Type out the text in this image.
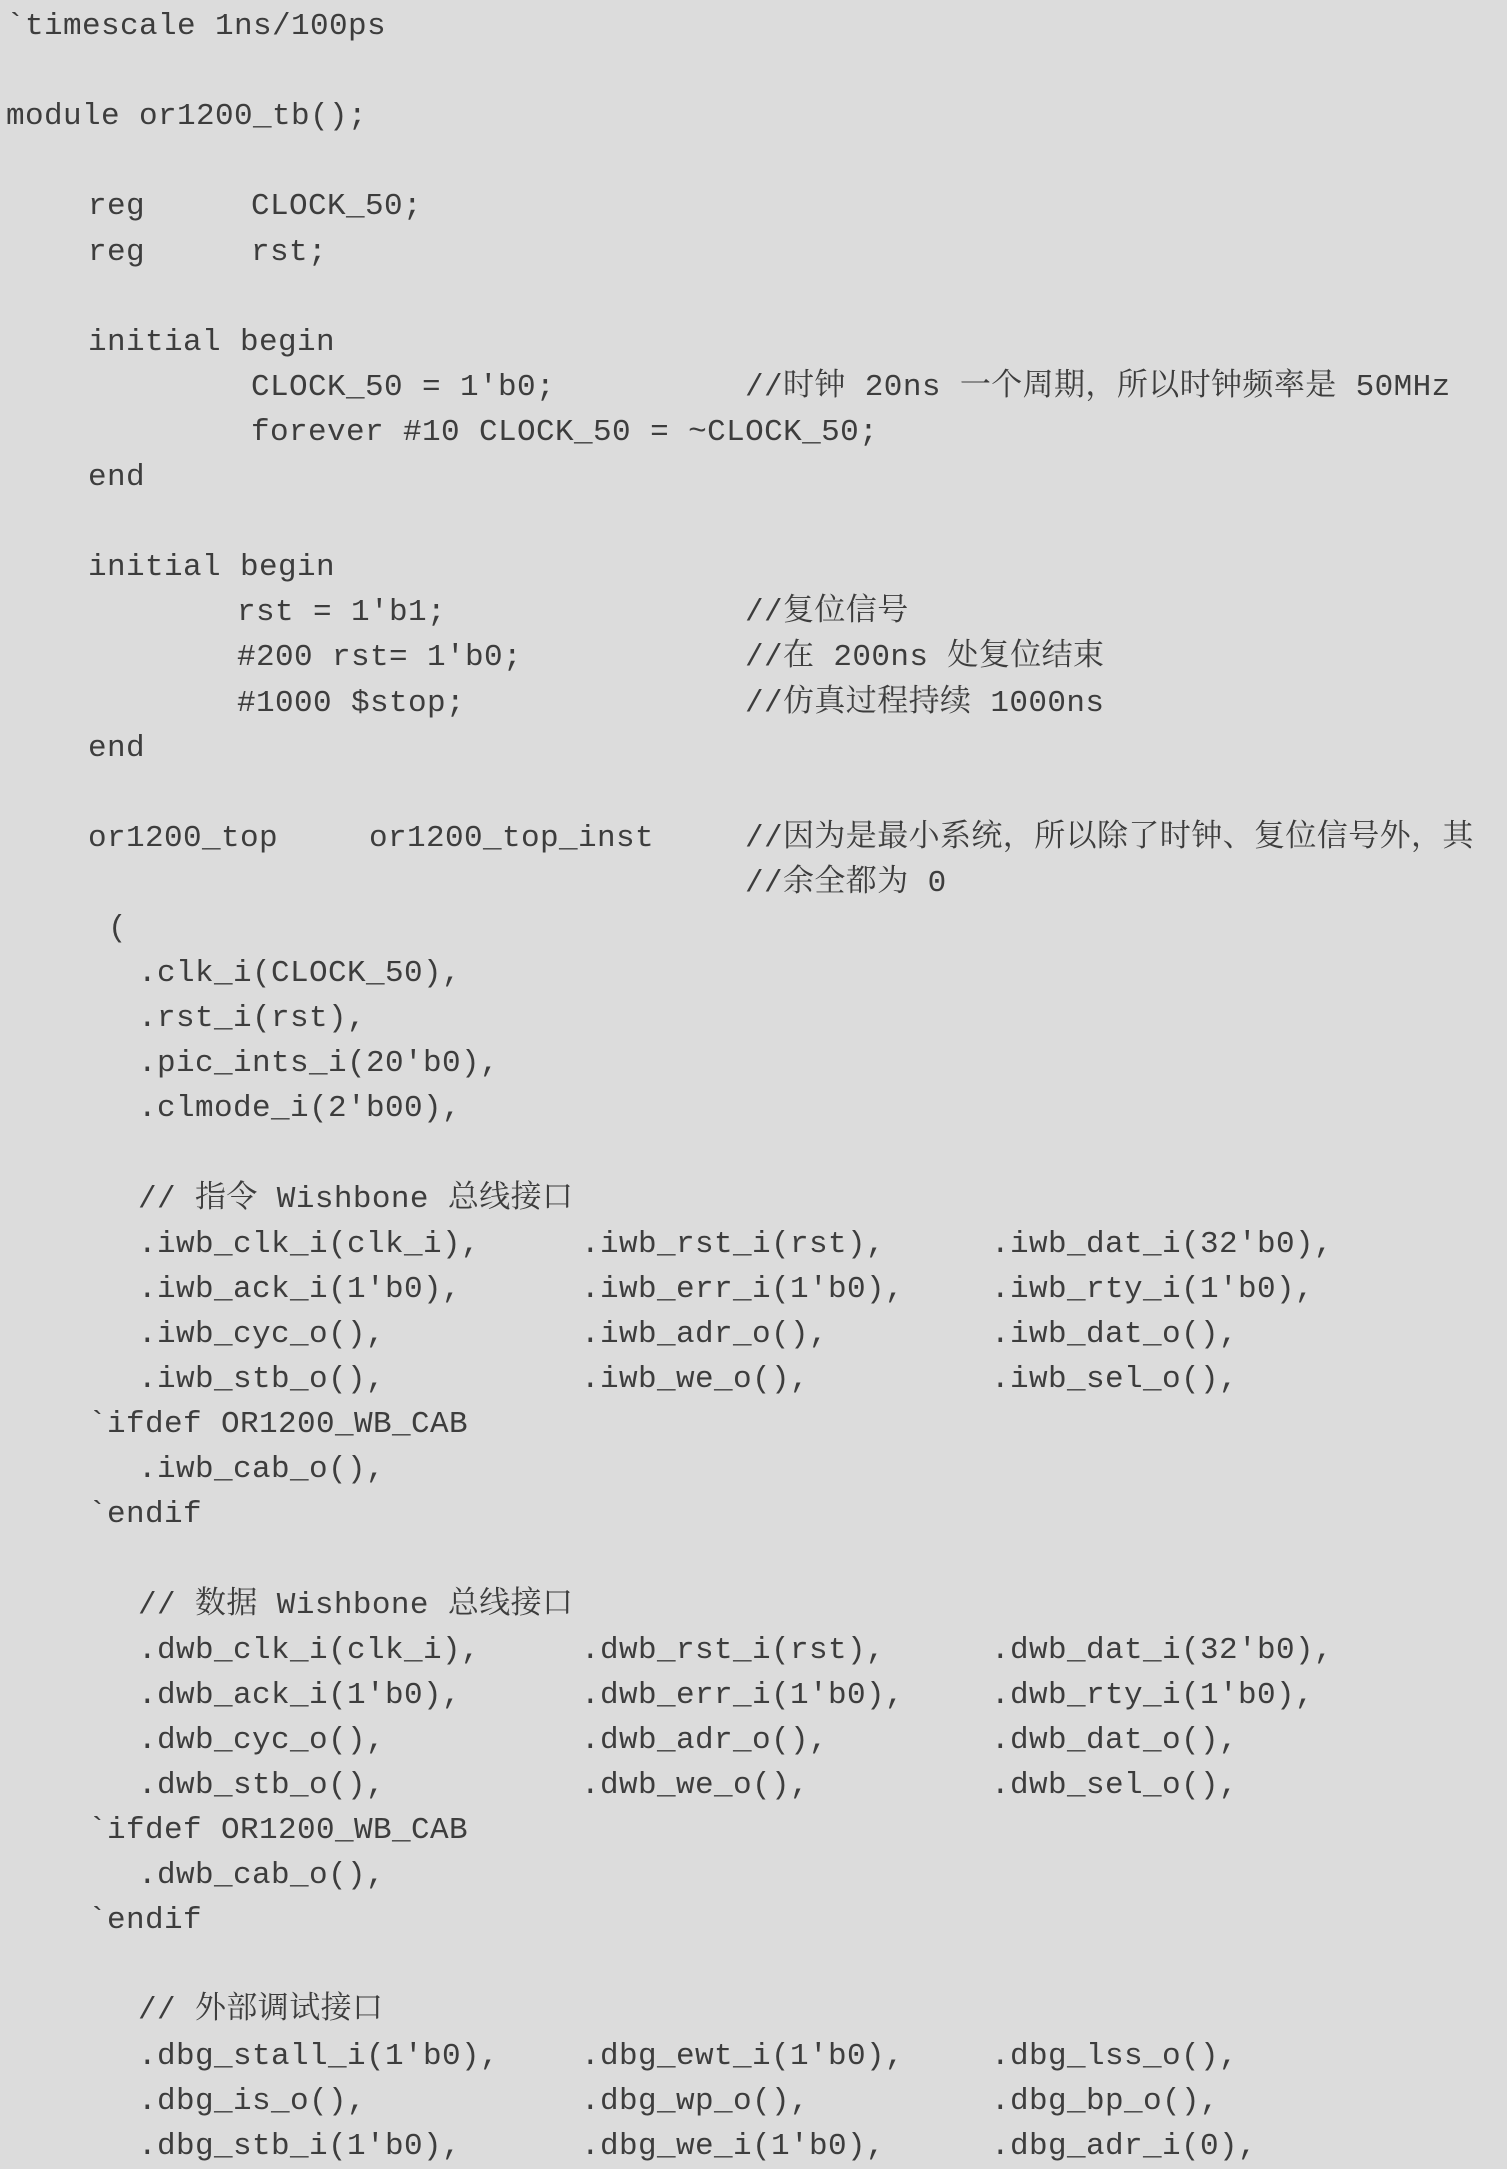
`timescale 1ns/100ps
module or1200_tb();
reg	CLOCK_50;
reg	rst;
initial begin
CLOCK_50 = 1'b0;	//时钟 20ns 一个周期，所以时钟频率是 50MHz
forever #10 CLOCK_50 = ~CLOCK_50;
end
initial begin
rst = 1'b1;	//复位信号
#200 rst= 1'b0;	//在 200ns 处复位结束
#1000 $stop;	//仿真过程持续 1000ns
end
or1200_top	or1200_top_inst	//因为是最小系统，所以除了时钟、复位信号外，其
//余全都为 0
(
.clk_i(CLOCK_50),
.rst_i(rst),
.pic_ints_i(20'b0),
.clmode_i(2'b00),
// 指令 Wishbone 总线接口
.iwb_clk_i(clk_i),	.iwb_rst_i(rst),	.iwb_dat_i(32'b0),
.iwb_ack_i(1'b0),	.iwb_err_i(1'b0),	.iwb_rty_i(1'b0),
.iwb_cyc_o(),	.iwb_adr_o(),	.iwb_dat_o(),
.iwb_stb_o(),	.iwb_we_o(),	.iwb_sel_o(),
`ifdef OR1200_WB_CAB
.iwb_cab_o(),
`endif
// 数据 Wishbone 总线接口
.dwb_clk_i(clk_i),	.dwb_rst_i(rst),	.dwb_dat_i(32'b0),
.dwb_ack_i(1'b0),	.dwb_err_i(1'b0),	.dwb_rty_i(1'b0),
.dwb_cyc_o(),	.dwb_adr_o(),	.dwb_dat_o(),
.dwb_stb_o(),	.dwb_we_o(),	.dwb_sel_o(),
`ifdef OR1200_WB_CAB
.dwb_cab_o(),
`endif
// 外部调试接口
.dbg_stall_i(1'b0),	.dbg_ewt_i(1'b0),	.dbg_lss_o(),
.dbg_is_o(),	.dbg_wp_o(),	.dbg_bp_o(),
.dbg_stb_i(1'b0),	.dbg_we_i(1'b0),	.dbg_adr_i(0),
